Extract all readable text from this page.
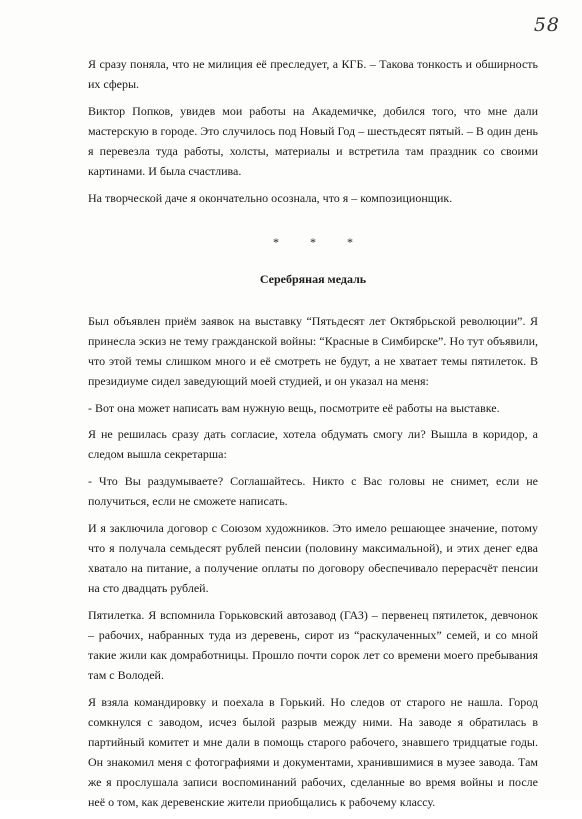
58

Я сразу поняла, что не милиция её преследует, а КГБ. – Такова тонкость и обширность их сферы.

Виктор Попков, увидев мои работы на Академичке, добился того, что мне дали мастерскую в городе. Это случилось под Новый Год – шестьдесят пятый. – В один день я перевезла туда работы, холсты, материалы и встретила там праздник со своими картинами. И была счастлива.

На творческой даче я окончательно осознала, что я – композиционщик.

* * *
Серебряная медаль

Был объявлен приём заявок на выставку “Пятьдесят лет Октябрьской революции”. Я принесла эскиз не тему гражданской войны: “Красные в Симбирске”. Но тут объявили, что этой темы слишком много и её смотреть не будут, а не хватает темы пятилеток. В президиуме сидел заведующий моей студией, и он указал на меня:

- Вот она может написать вам нужную вещь, посмотрите её работы на выставке.

Я не решилась сразу дать согласие, хотела обдумать смогу ли? Вышла в коридор, а следом вышла секретарша:

- Что Вы раздумываете? Соглашайтесь. Никто с Вас головы не снимет, если не получиться, если не сможете написать.

И я заключила договор с Союзом художников. Это имело решающее значение, потому что я получала семьдесят рублей пенсии (половину максимальной), и этих денег едва хватало на питание, а получение оплаты по договору обеспечивало перерасчёт пенсии на сто двадцать рублей.

Пятилетка. Я вспомнила Горьковский автозавод (ГАЗ) – первенец пятилеток, девчонок – рабочих, набранных туда из деревень, сирот из “раскулаченных” семей, и со мной такие жили как домработницы. Прошло почти сорок лет со времени моего пребывания там с Володей.

Я взяла командировку и поехала в Горький. Но следов от старого не нашла. Город сомкнулся с заводом, исчез былой разрыв между ними. На заводе я обратилась в партийный комитет и мне дали в помощь старого рабочего, знавшего тридцатые годы. Он знакомил меня с фотографиями и документами, хранившимися в музее завода. Там же я прослушала записи воспоминаний рабочих, сделанные во время войны и после неё о том, как деревенские жители приобщались к рабочему классу.
